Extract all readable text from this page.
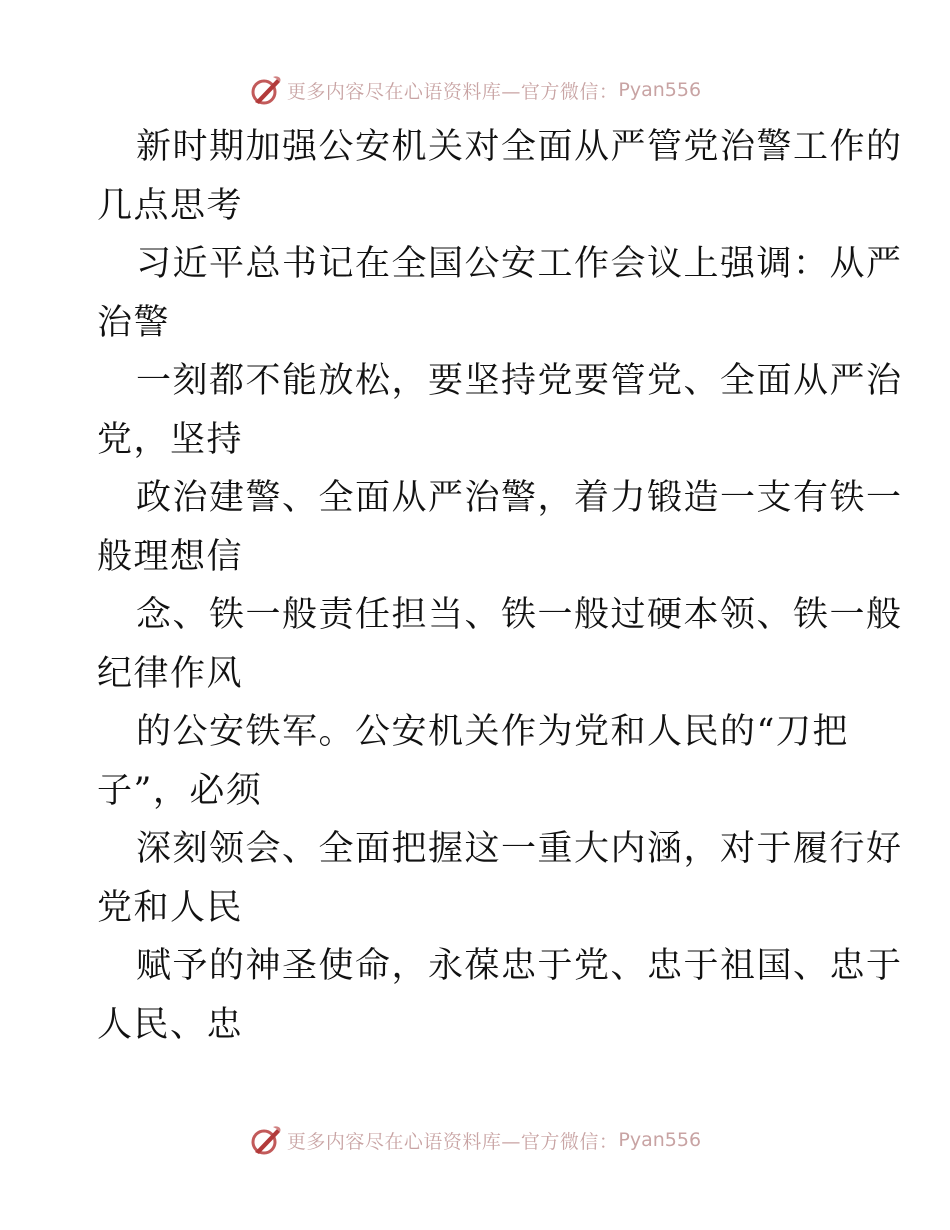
更多内容尽在心语资料库—官方微信： Pyan556
新时期加强公安机关对全面从严管党治警工作的
几点思考
习近平总书记在全国公安工作会议上强调：从严
治警
一刻都不能放松，要坚持党要管党、全面从严治
党，坚持
政治建警、全面从严治警，着力锻造一支有铁一
般理想信
念、铁一般责任担当、铁一般过硬本领、铁一般
纪律作风
的公安铁军。公安机关作为党和人民的“刀把
子”，必须
深刻领会、全面把握这一重大内涵，对于履行好
党和人民
赋予的神圣使命，永葆忠于党、忠于祖国、忠于
人民、忠
更多内容尽在心语资料库—官方微信： Pyan556
